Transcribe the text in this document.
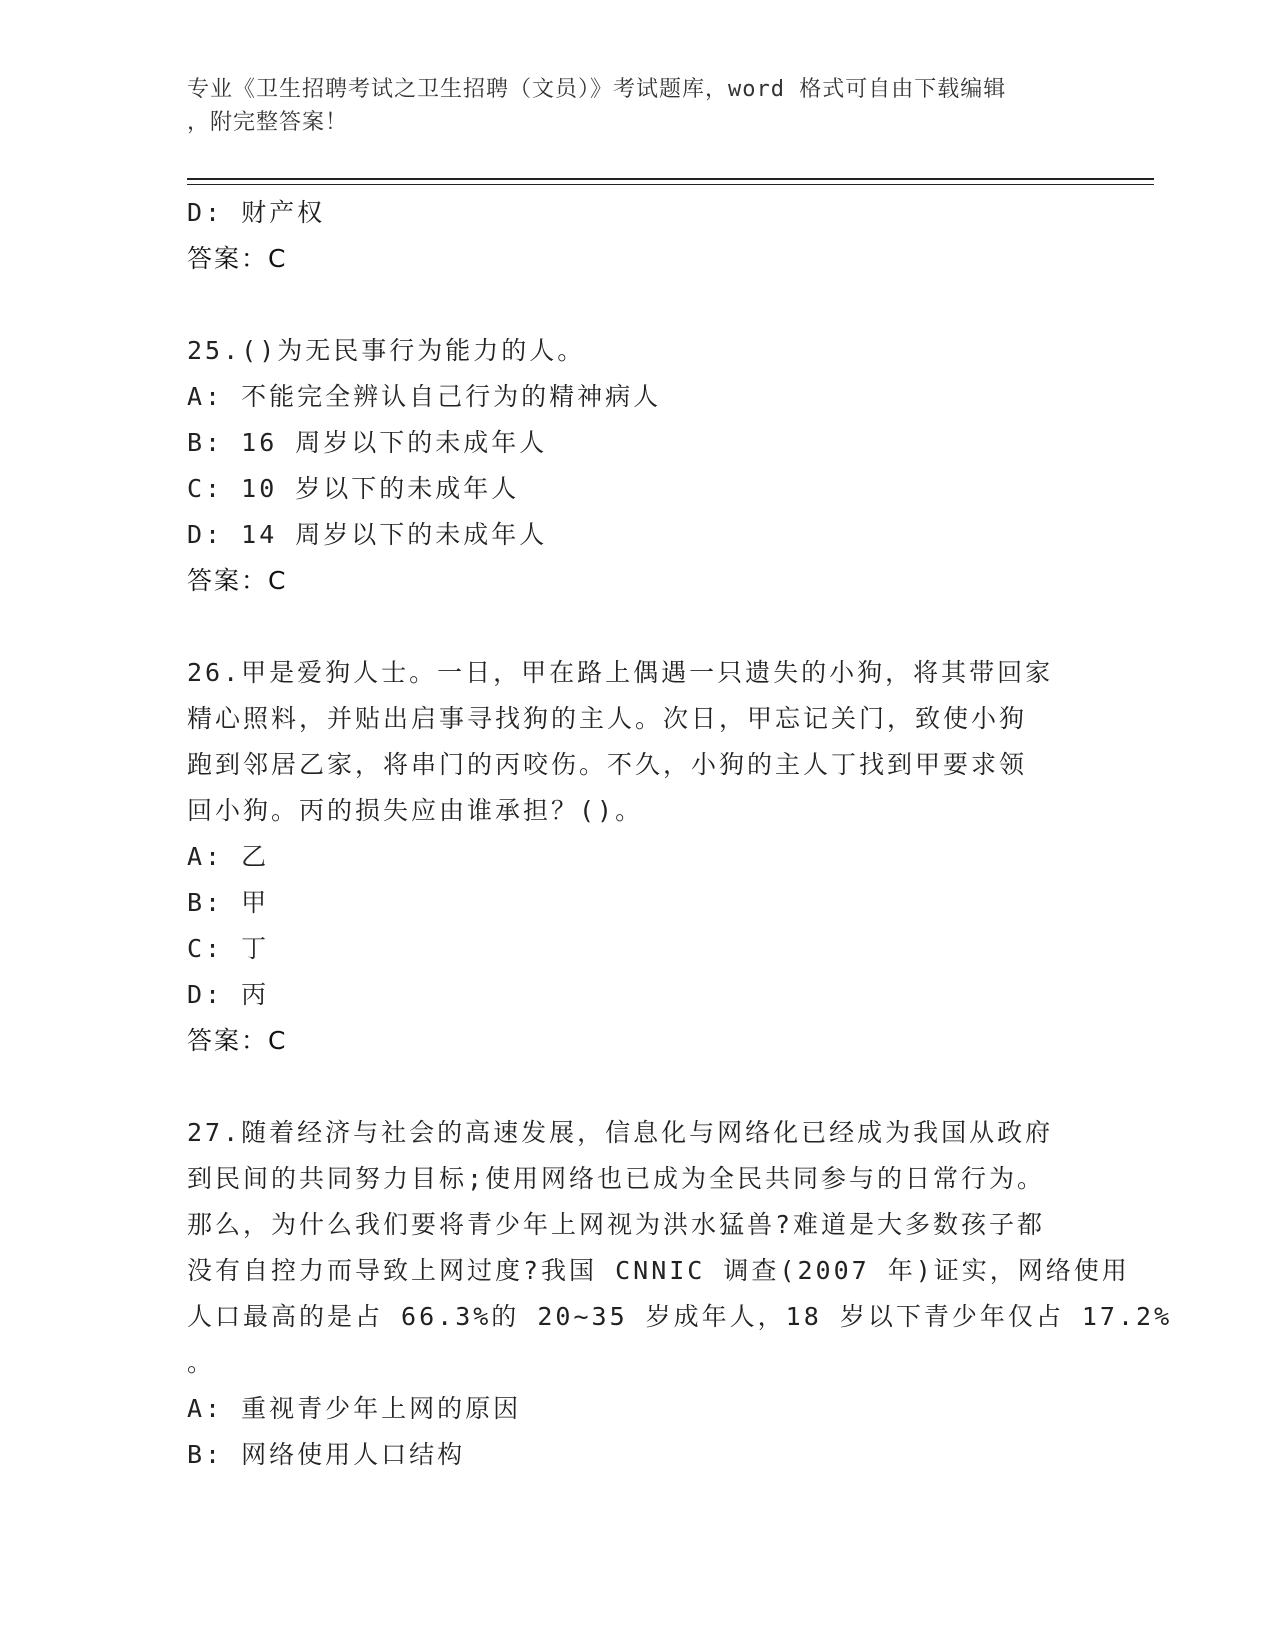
专业《卫生招聘考试之卫生招聘（文员）》考试题库，word 格式可自由下载编辑
，附完整答案！
D: 财产权
答案：C
25.()为无民事行为能力的人。
A: 不能完全辨认自己行为的精神病人
B: 16 周岁以下的未成年人
C: 10 岁以下的未成年人
D: 14 周岁以下的未成年人
答案：C
26.甲是爱狗人士。一日，甲在路上偶遇一只遗失的小狗，将其带回家
精心照料，并贴出启事寻找狗的主人。次日，甲忘记关门，致使小狗
跑到邻居乙家，将串门的丙咬伤。不久，小狗的主人丁找到甲要求领
回小狗。丙的损失应由谁承担？()。
A: 乙
B: 甲
C: 丁
D: 丙
答案：C
27.随着经济与社会的高速发展，信息化与网络化已经成为我国从政府
到民间的共同努力目标;使用网络也已成为全民共同参与的日常行为。
那么，为什么我们要将青少年上网视为洪水猛兽?难道是大多数孩子都
没有自控力而导致上网过度?我国 CNNIC 调查(2007 年)证实，网络使用
人口最高的是占 66.3%的 20~35 岁成年人，18 岁以下青少年仅占 17.2%
。
A: 重视青少年上网的原因
B: 网络使用人口结构
